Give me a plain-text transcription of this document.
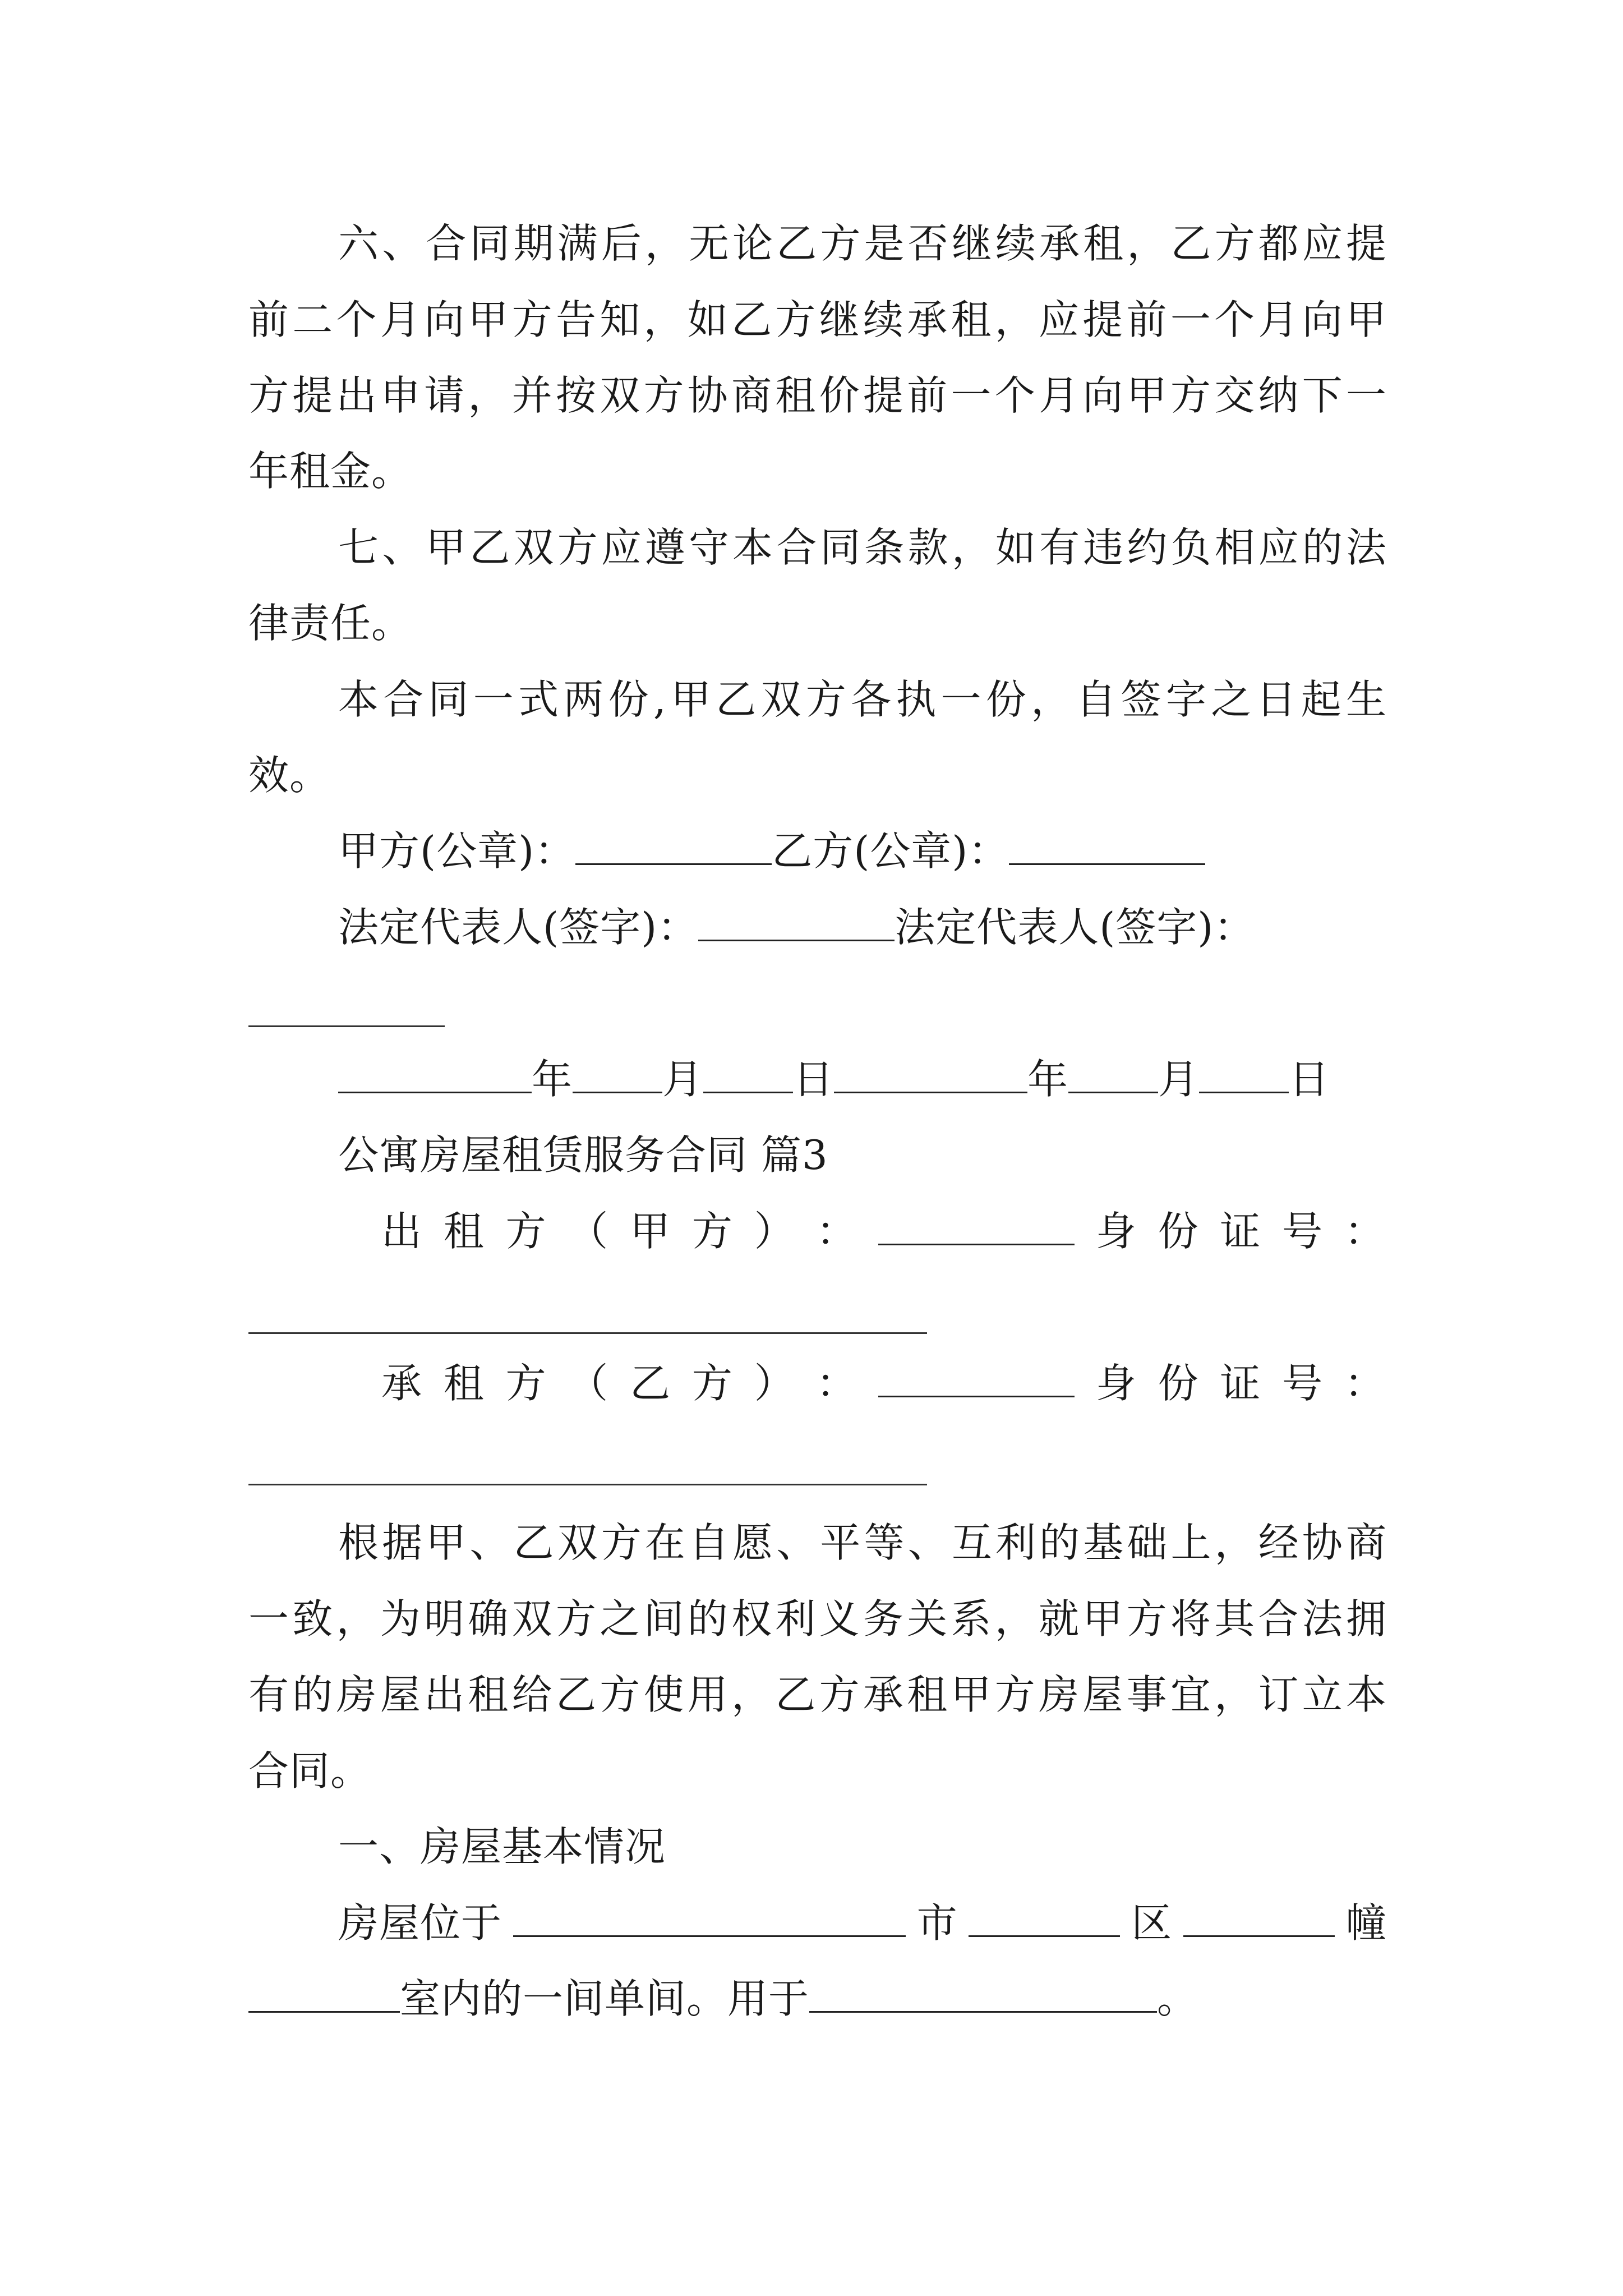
六、合同期满后，无论乙方是否继续承租，乙方都应提
前二个月向甲方告知，如乙方继续承租，应提前一个月向甲
方提出申请，并按双方协商租价提前一个月向甲方交纳下一
年租金。
七、甲乙双方应遵守本合同条款，如有违约负相应的法
律责任。
本合同一式两份,甲乙双方各执一份，自签字之日起生
效。
甲方(公章)：	乙方(公章)：
法定代表人(签字)：	法定代表人(签字)：
年 月 日	年 月 日
公寓房屋租赁服务合同 篇3
出 租 方 （ 甲 方 ） ：	身 份 证 号 ：
承 租 方 （ 乙 方 ） ：	身 份 证 号 ：
根据甲、乙双方在自愿、平等、互利的基础上，经协商
一致，为明确双方之间的权利义务关系，就甲方将其合法拥
有的房屋出租给乙方使用，乙方承租甲方房屋事宜，订立本
合同。
一、房屋基本情况
房屋位于	市	区	幢
室内的一间单间。用于	。
